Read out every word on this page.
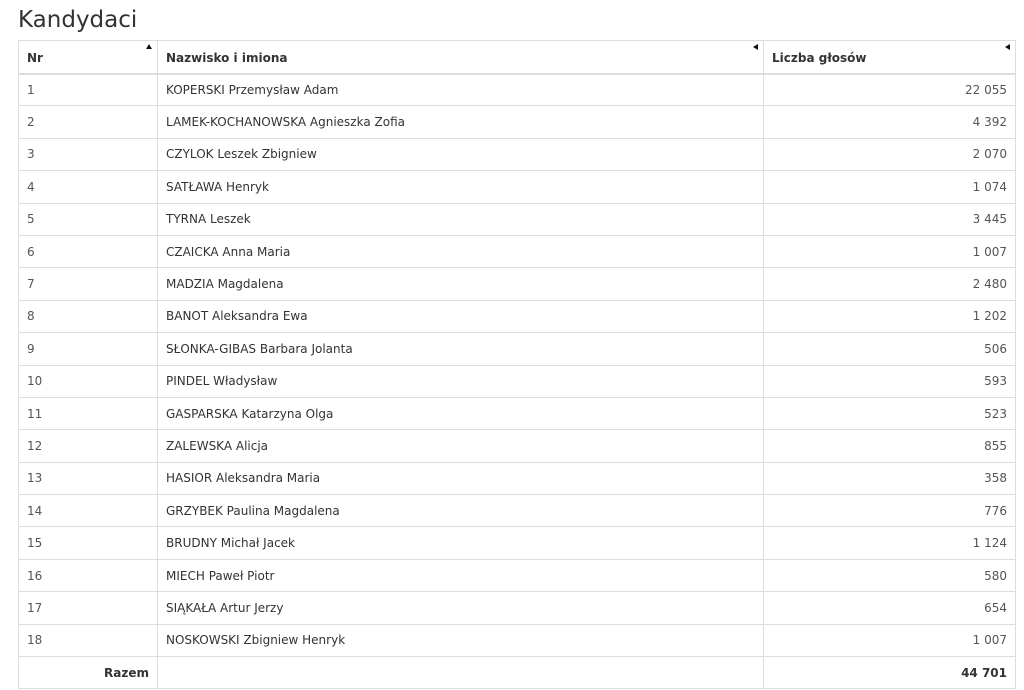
Kandydaci
Nr	Nazwisko i imiona	Liczba głosów

1	KOPERSKI Przemysław Adam	22 055
2	LAMEK-KOCHANOWSKA Agnieszka Zofia	4 392
3	CZYLOK Leszek Zbigniew	2 070
4	SATŁAWA Henryk	1 074
5	TYRNA Leszek	3 445
6	CZAICKA Anna Maria	1 007
7	MADZIA Magdalena	2 480
8	BANOT Aleksandra Ewa	1 202
9	SŁONKA-GIBAS Barbara Jolanta	506
10	PINDEL Władysław	593
11	GASPARSKA Katarzyna Olga	523
12	ZALEWSKA Alicja	855
13	HASIOR Aleksandra Maria	358
14	GRZYBEK Paulina Magdalena	776
15	BRUDNY Michał Jacek	1 124
16	MIECH Paweł Piotr	580
17	SIĄKAŁA Artur Jerzy	654
18	NOSKOWSKI Zbigniew Henryk	1 007
Razem		44 701
